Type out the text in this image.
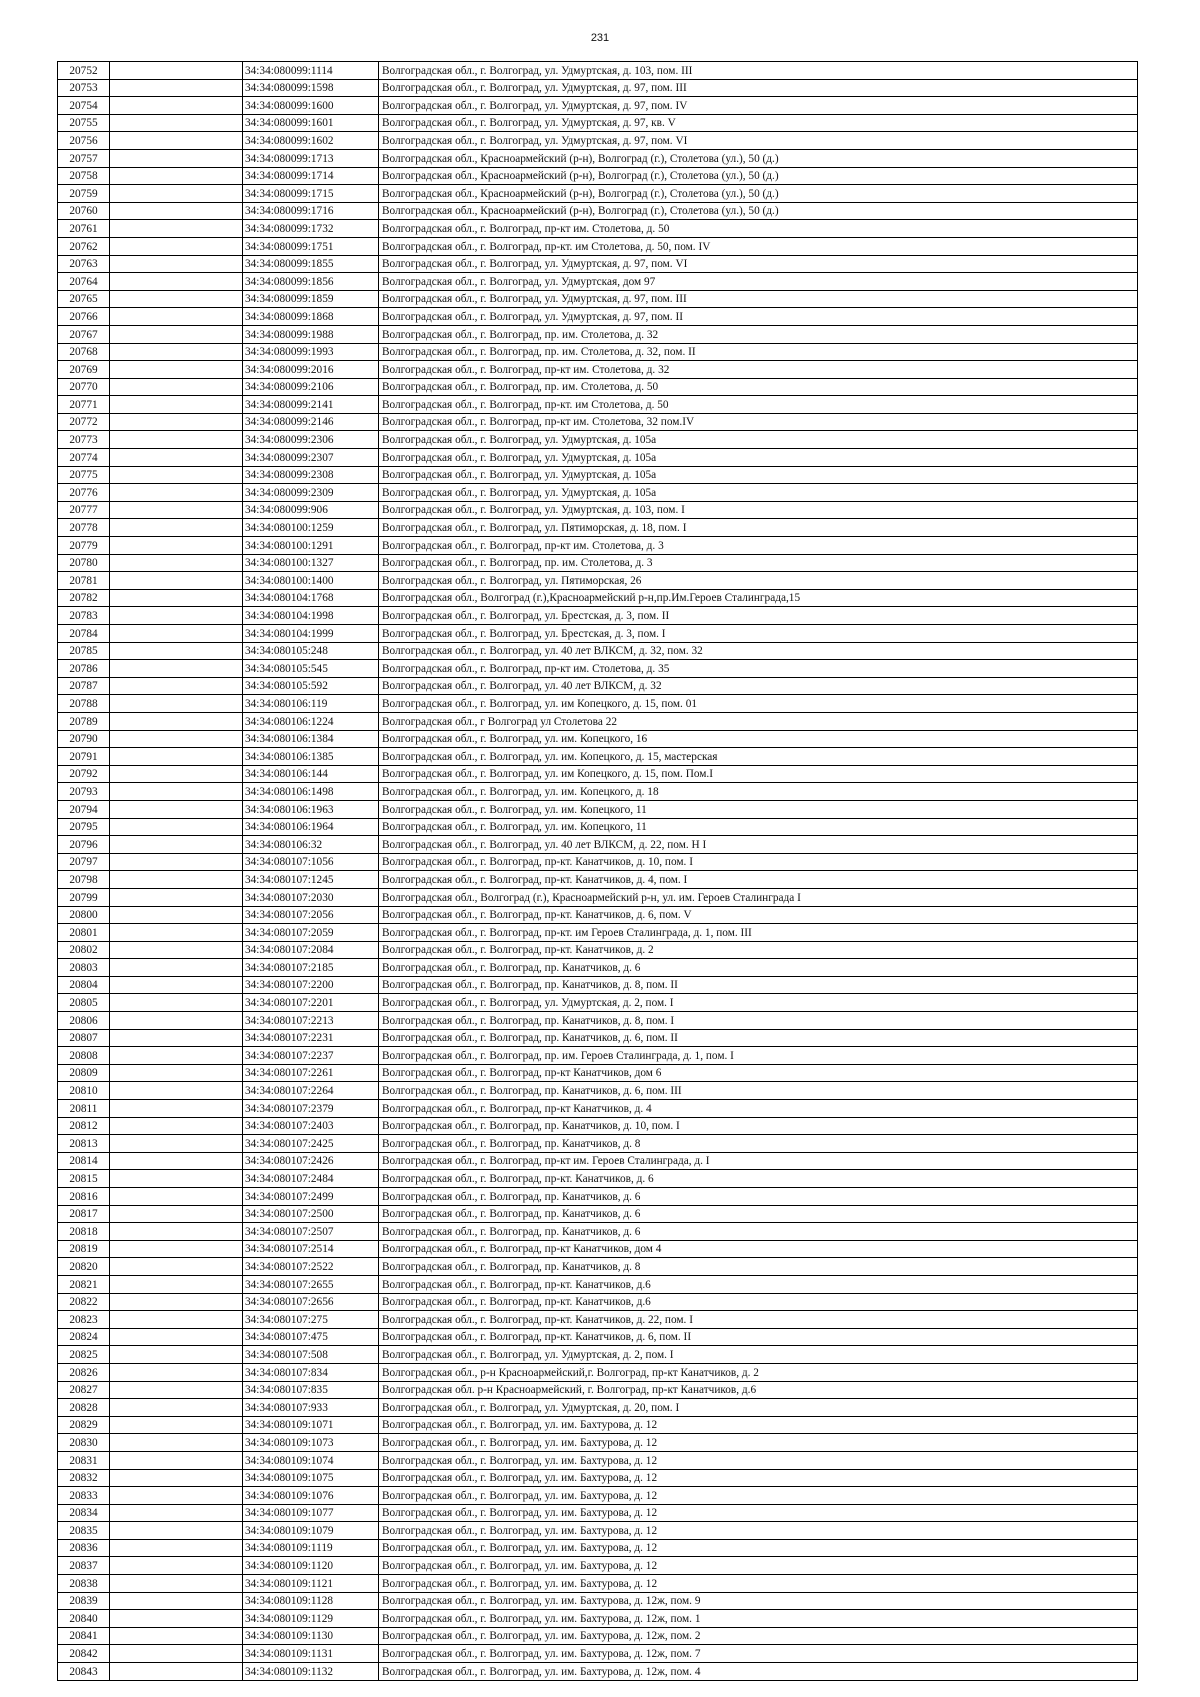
231
20752		34:34:080099:1114	Волгоградская обл., г. Волгоград, ул. Удмуртская, д. 103, пом. III
20753		34:34:080099:1598	Волгоградская обл., г. Волгоград, ул. Удмуртская, д. 97, пом. III
20754		34:34:080099:1600	Волгоградская обл., г. Волгоград, ул. Удмуртская, д. 97, пом. IV
20755		34:34:080099:1601	Волгоградская обл., г. Волгоград, ул. Удмуртская, д. 97, кв. V
20756		34:34:080099:1602	Волгоградская обл., г. Волгоград, ул. Удмуртская, д. 97, пом. VI
20757		34:34:080099:1713	Волгоградская обл., Красноармейский (р-н), Волгоград (г.), Столетова (ул.), 50 (д.)
20758		34:34:080099:1714	Волгоградская обл., Красноармейский (р-н), Волгоград (г.), Столетова (ул.), 50 (д.)
20759		34:34:080099:1715	Волгоградская обл., Красноармейский (р-н), Волгоград (г.), Столетова (ул.), 50 (д.)
20760		34:34:080099:1716	Волгоградская обл., Красноармейский (р-н), Волгоград (г.), Столетова (ул.), 50 (д.)
20761		34:34:080099:1732	Волгоградская обл., г. Волгоград, пр-кт им. Столетова, д. 50
20762		34:34:080099:1751	Волгоградская обл., г. Волгоград, пр-кт. им Столетова, д. 50, пом. IV
20763		34:34:080099:1855	Волгоградская обл., г. Волгоград, ул. Удмуртская, д. 97, пом. VI
20764		34:34:080099:1856	Волгоградская обл., г. Волгоград, ул. Удмуртская, дом 97
20765		34:34:080099:1859	Волгоградская обл., г. Волгоград, ул. Удмуртская, д. 97, пом. III
20766		34:34:080099:1868	Волгоградская обл., г. Волгоград, ул. Удмуртская, д. 97, пом. II
20767		34:34:080099:1988	Волгоградская обл., г. Волгоград, пр. им. Столетова, д. 32
20768		34:34:080099:1993	Волгоградская обл., г. Волгоград, пр. им. Столетова, д. 32, пом. II
20769		34:34:080099:2016	Волгоградская обл., г. Волгоград, пр-кт им. Столетова, д. 32
20770		34:34:080099:2106	Волгоградская обл., г. Волгоград, пр. им. Столетова, д. 50
20771		34:34:080099:2141	Волгоградская обл., г. Волгоград, пр-кт. им Столетова, д. 50
20772		34:34:080099:2146	Волгоградская обл., г. Волгоград, пр-кт им. Столетова, 32 пом.IV
20773		34:34:080099:2306	Волгоградская обл., г. Волгоград, ул. Удмуртская, д. 105а
20774		34:34:080099:2307	Волгоградская обл., г. Волгоград, ул. Удмуртская, д. 105а
20775		34:34:080099:2308	Волгоградская обл., г. Волгоград, ул. Удмуртская, д. 105а
20776		34:34:080099:2309	Волгоградская обл., г. Волгоград, ул. Удмуртская, д. 105а
20777		34:34:080099:906	Волгоградская обл., г. Волгоград, ул. Удмуртская, д. 103, пом. I
20778		34:34:080100:1259	Волгоградская обл., г. Волгоград, ул. Пятиморская, д. 18, пом. I
20779		34:34:080100:1291	Волгоградская обл., г. Волгоград, пр-кт им. Столетова, д. 3
20780		34:34:080100:1327	Волгоградская обл., г. Волгоград, пр. им. Столетова, д. 3
20781		34:34:080100:1400	Волгоградская обл., г. Волгоград, ул. Пятиморская, 26
20782		34:34:080104:1768	Волгоградская обл., Волгоград (г.),Красноармейский р-н,пр.Им.Героев Сталинграда,15
20783		34:34:080104:1998	Волгоградская обл., г. Волгоград, ул. Брестская, д. 3, пом. II
20784		34:34:080104:1999	Волгоградская обл., г. Волгоград, ул. Брестская, д. 3, пом. I
20785		34:34:080105:248	Волгоградская обл., г. Волгоград, ул. 40 лет ВЛКСМ, д. 32, пом. 32
20786		34:34:080105:545	Волгоградская обл., г. Волгоград, пр-кт им. Столетова, д. 35
20787		34:34:080105:592	Волгоградская обл., г. Волгоград, ул. 40 лет ВЛКСМ, д. 32
20788		34:34:080106:119	Волгоградская обл., г. Волгоград, ул. им Копецкого, д. 15, пом. 01
20789		34:34:080106:1224	Волгоградская обл., г Волгоград ул Столетова 22
20790		34:34:080106:1384	Волгоградская обл., г. Волгоград, ул. им. Копецкого, 16
20791		34:34:080106:1385	Волгоградская обл., г. Волгоград, ул. им. Копецкого, д. 15, мастерская
20792		34:34:080106:144	Волгоградская обл., г. Волгоград, ул. им Копецкого, д. 15, пом. Пом.I
20793		34:34:080106:1498	Волгоградская обл., г. Волгоград, ул. им. Копецкого, д. 18
20794		34:34:080106:1963	Волгоградская обл., г. Волгоград, ул. им. Копецкого, 11
20795		34:34:080106:1964	Волгоградская обл., г. Волгоград, ул. им. Копецкого, 11
20796		34:34:080106:32	Волгоградская обл., г. Волгоград, ул. 40 лет ВЛКСМ, д. 22, пом. Н I
20797		34:34:080107:1056	Волгоградская обл., г. Волгоград, пр-кт. Канатчиков, д. 10, пом. I
20798		34:34:080107:1245	Волгоградская обл., г. Волгоград, пр-кт. Канатчиков, д. 4, пом. I
20799		34:34:080107:2030	Волгоградская обл., Волгоград (г.), Красноармейский р-н, ул. им. Героев Сталинграда I
20800		34:34:080107:2056	Волгоградская обл., г. Волгоград, пр-кт. Канатчиков, д. 6, пом. V
20801		34:34:080107:2059	Волгоградская обл., г. Волгоград, пр-кт. им Героев Сталинграда, д. 1, пом. III
20802		34:34:080107:2084	Волгоградская обл., г. Волгоград, пр-кт. Канатчиков, д. 2
20803		34:34:080107:2185	Волгоградская обл., г. Волгоград, пр. Канатчиков, д. 6
20804		34:34:080107:2200	Волгоградская обл., г. Волгоград, пр. Канатчиков, д. 8, пом. II
20805		34:34:080107:2201	Волгоградская обл., г. Волгоград, ул. Удмуртская, д. 2, пом. I
20806		34:34:080107:2213	Волгоградская обл., г. Волгоград, пр. Канатчиков, д. 8, пом. I
20807		34:34:080107:2231	Волгоградская обл., г. Волгоград, пр. Канатчиков, д. 6, пом. II
20808		34:34:080107:2237	Волгоградская обл., г. Волгоград, пр. им. Героев Сталинграда, д. 1, пом. I
20809		34:34:080107:2261	Волгоградская обл., г. Волгоград, пр-кт Канатчиков, дом 6
20810		34:34:080107:2264	Волгоградская обл., г. Волгоград, пр. Канатчиков, д. 6, пом. III
20811		34:34:080107:2379	Волгоградская обл., г. Волгоград, пр-кт Канатчиков, д. 4
20812		34:34:080107:2403	Волгоградская обл., г. Волгоград, пр. Канатчиков, д. 10, пом. I
20813		34:34:080107:2425	Волгоградская обл., г. Волгоград, пр. Канатчиков, д. 8
20814		34:34:080107:2426	Волгоградская обл., г. Волгоград, пр-кт им. Героев Сталинграда, д. I
20815		34:34:080107:2484	Волгоградская обл., г. Волгоград, пр-кт. Канатчиков, д. 6
20816		34:34:080107:2499	Волгоградская обл., г. Волгоград, пр. Канатчиков, д. 6
20817		34:34:080107:2500	Волгоградская обл., г. Волгоград, пр. Канатчиков, д. 6
20818		34:34:080107:2507	Волгоградская обл., г. Волгоград, пр. Канатчиков, д. 6
20819		34:34:080107:2514	Волгоградская обл., г. Волгоград, пр-кт Канатчиков, дом 4
20820		34:34:080107:2522	Волгоградская обл., г. Волгоград, пр. Канатчиков, д. 8
20821		34:34:080107:2655	Волгоградская обл., г. Волгоград, пр-кт. Канатчиков, д.6
20822		34:34:080107:2656	Волгоградская обл., г. Волгоград, пр-кт. Канатчиков, д.6
20823		34:34:080107:275	Волгоградская обл., г. Волгоград, пр-кт. Канатчиков, д. 22, пом. I
20824		34:34:080107:475	Волгоградская обл., г. Волгоград, пр-кт. Канатчиков, д. 6, пом. II
20825		34:34:080107:508	Волгоградская обл., г. Волгоград, ул. Удмуртская, д. 2, пом. I
20826		34:34:080107:834	Волгоградская обл., р-н Красноармейский,г. Волгоград, пр-кт Канатчиков, д. 2
20827		34:34:080107:835	Волгоградская обл. р-н Красноармейский, г. Волгоград, пр-кт Канатчиков, д.6
20828		34:34:080107:933	Волгоградская обл., г. Волгоград, ул. Удмуртская, д. 20, пом. I
20829		34:34:080109:1071	Волгоградская обл., г. Волгоград, ул. им. Бахтурова, д. 12
20830		34:34:080109:1073	Волгоградская обл., г. Волгоград, ул. им. Бахтурова, д. 12
20831		34:34:080109:1074	Волгоградская обл., г. Волгоград, ул. им. Бахтурова, д. 12
20832		34:34:080109:1075	Волгоградская обл., г. Волгоград, ул. им. Бахтурова, д. 12
20833		34:34:080109:1076	Волгоградская обл., г. Волгоград, ул. им. Бахтурова, д. 12
20834		34:34:080109:1077	Волгоградская обл., г. Волгоград, ул. им. Бахтурова, д. 12
20835		34:34:080109:1079	Волгоградская обл., г. Волгоград, ул. им. Бахтурова, д. 12
20836		34:34:080109:1119	Волгоградская обл., г. Волгоград, ул. им. Бахтурова, д. 12
20837		34:34:080109:1120	Волгоградская обл., г. Волгоград, ул. им. Бахтурова, д. 12
20838		34:34:080109:1121	Волгоградская обл., г. Волгоград, ул. им. Бахтурова, д. 12
20839		34:34:080109:1128	Волгоградская обл., г. Волгоград, ул. им. Бахтурова, д. 12ж, пом. 9
20840		34:34:080109:1129	Волгоградская обл., г. Волгоград, ул. им. Бахтурова, д. 12ж, пом. 1
20841		34:34:080109:1130	Волгоградская обл., г. Волгоград, ул. им. Бахтурова, д. 12ж, пом. 2
20842		34:34:080109:1131	Волгоградская обл., г. Волгоград, ул. им. Бахтурова, д. 12ж, пом. 7
20843		34:34:080109:1132	Волгоградская обл., г. Волгоград, ул. им. Бахтурова, д. 12ж, пом. 4
